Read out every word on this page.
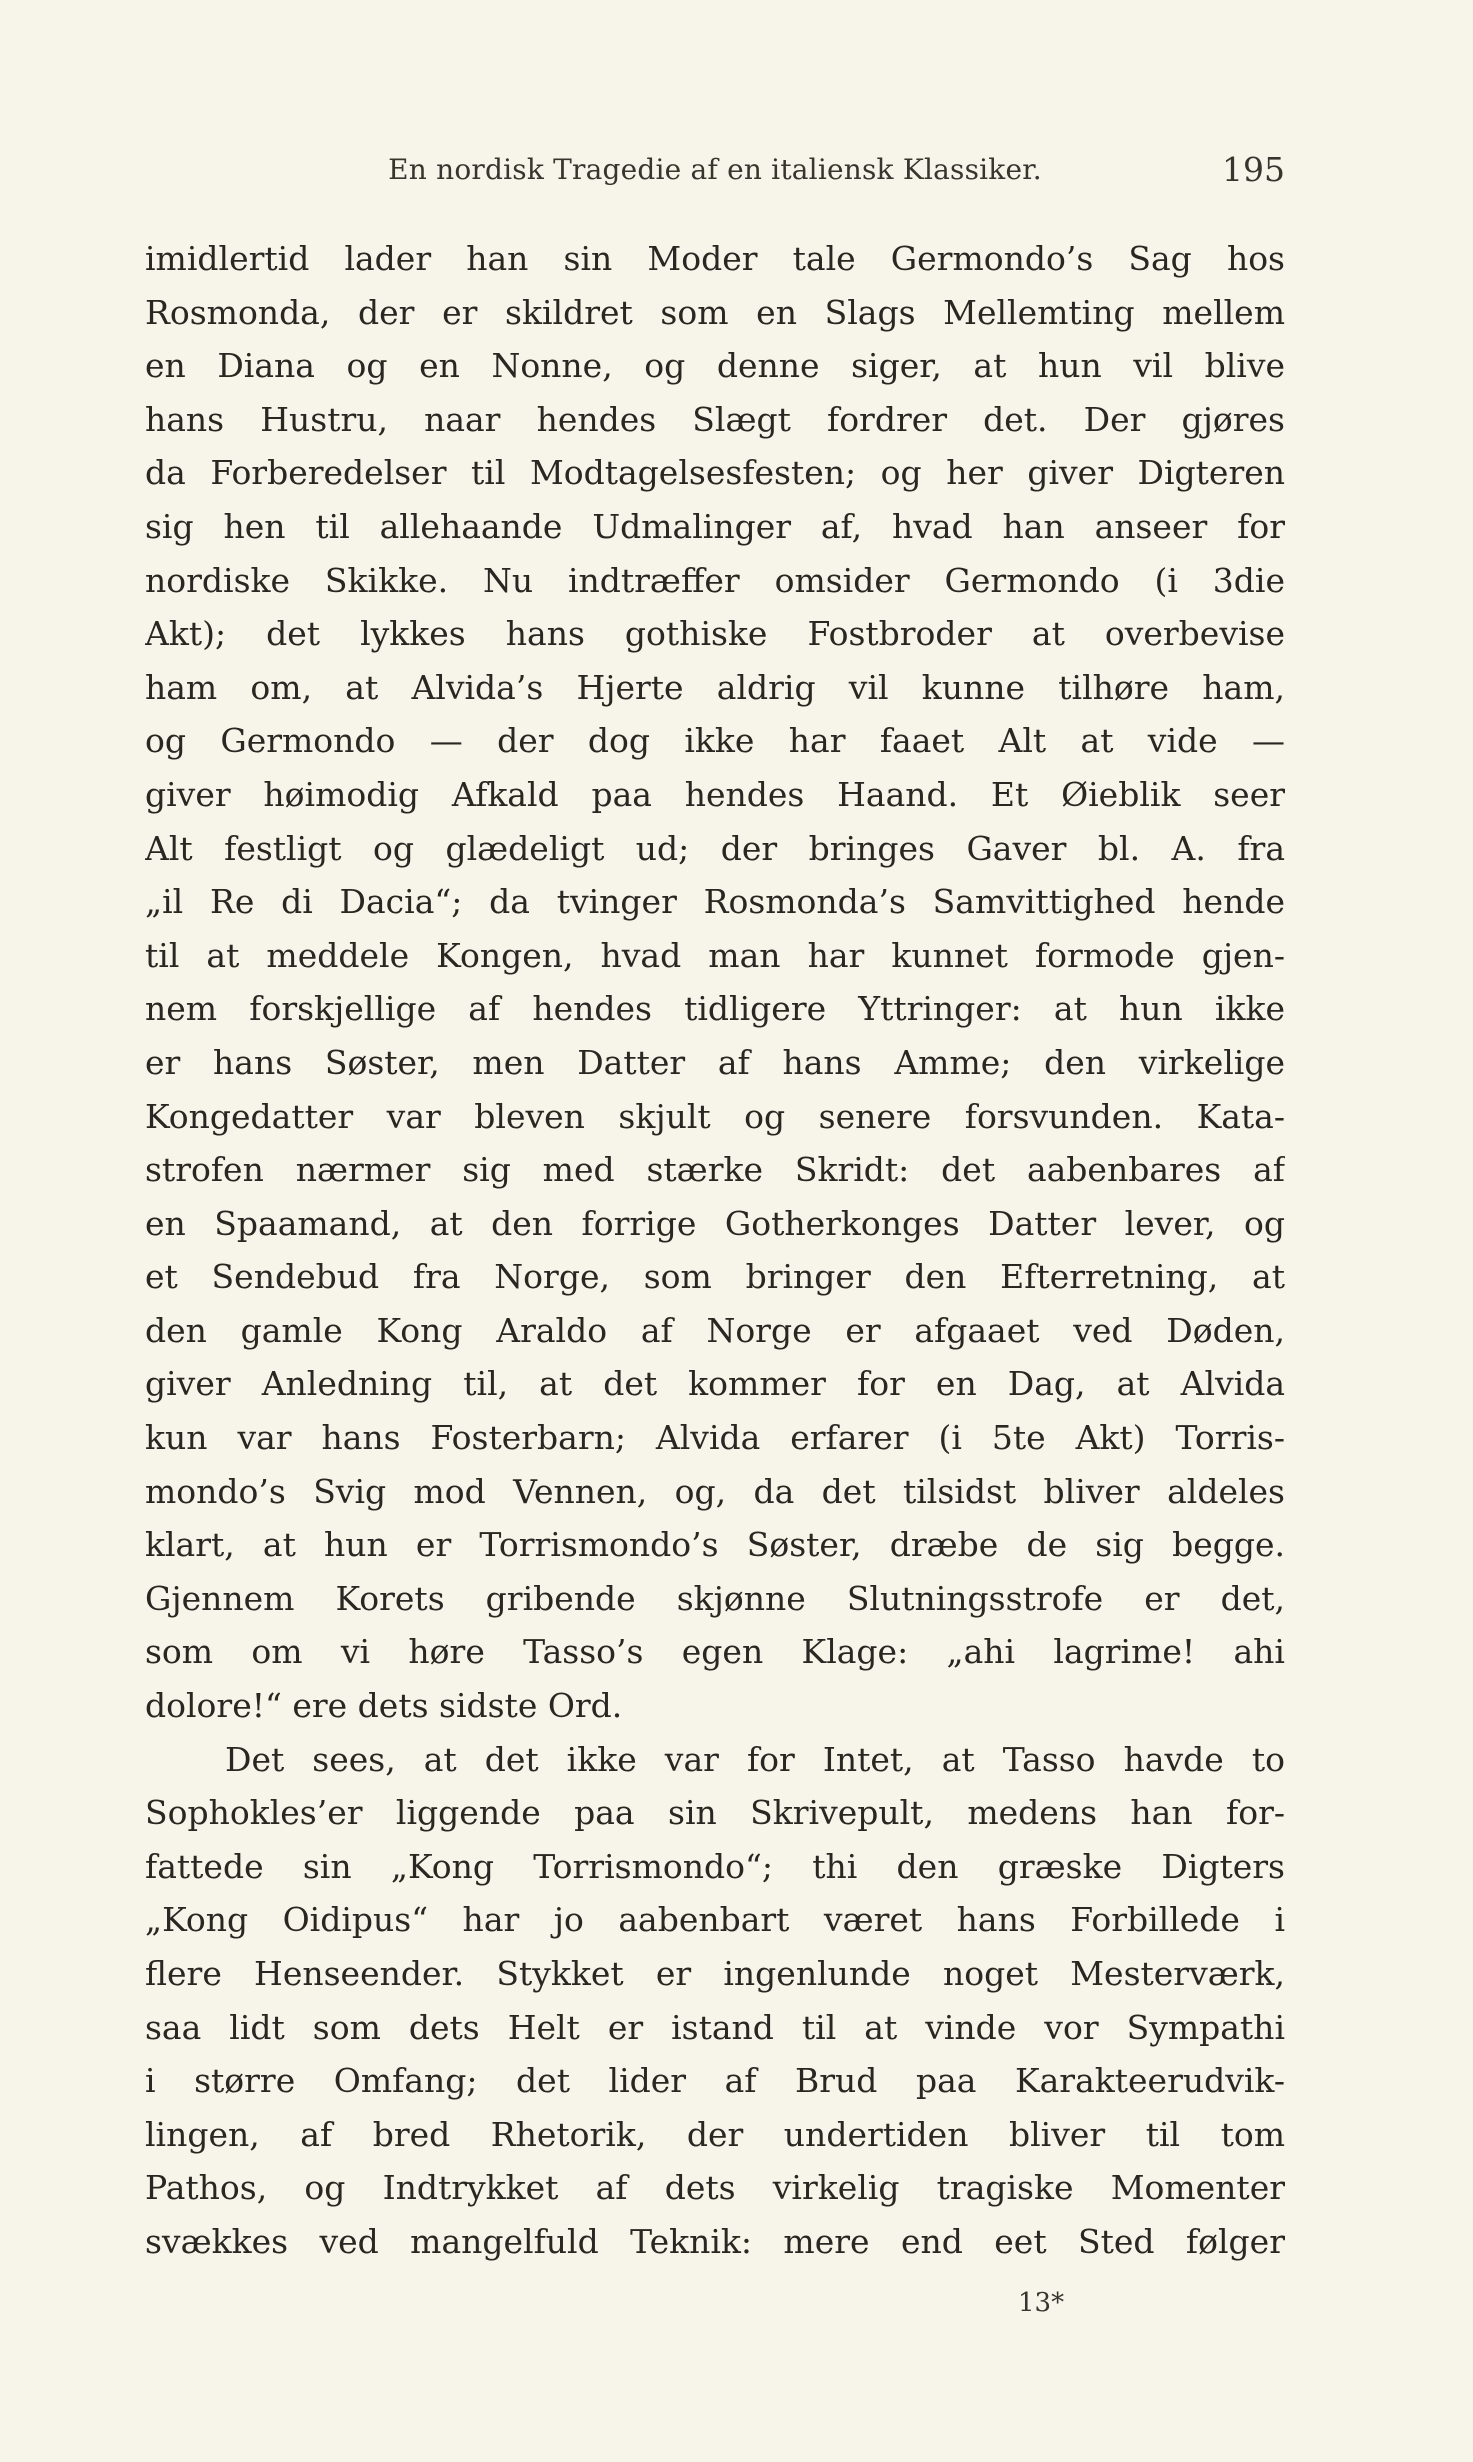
En nordisk Tragedie af en italiensk Klassiker.	195
imidlertid lader han sin Moder tale Germondo’s Sag hos
Rosmonda, der er skildret som en Slags Mellemting mellem
en Diana og en Nonne, og denne siger, at hun vil blive
hans Hustru, naar hendes Slægt fordrer det. Der gjøres
da Forberedelser til Modtagelsesfesten; og her giver Digteren
sig hen til allehaande Udmalinger af, hvad han anseer for
nordiske Skikke. Nu indtræffer omsider Germondo (i 3die
Akt); det lykkes hans gothiske Fostbroder at overbevise
ham om, at Alvida’s Hjerte aldrig vil kunne tilhøre ham,
og Germondo — der dog ikke har faaet Alt at vide —
giver høimodig Afkald paa hendes Haand. Et Øieblik seer
Alt festligt og glædeligt ud; der bringes Gaver bl. A. fra
„il Re di Dacia“; da tvinger Rosmonda’s Samvittighed hende
til at meddele Kongen, hvad man har kunnet formode gjen-
nem forskjellige af hendes tidligere Yttringer: at hun ikke
er hans Søster, men Datter af hans Amme; den virkelige
Kongedatter var bleven skjult og senere forsvunden. Kata-
strofen nærmer sig med stærke Skridt: det aabenbares af
en Spaamand, at den forrige Gotherkonges Datter lever, og
et Sendebud fra Norge, som bringer den Efterretning, at
den gamle Kong Araldo af Norge er afgaaet ved Døden,
giver Anledning til, at det kommer for en Dag, at Alvida
kun var hans Fosterbarn; Alvida erfarer (i 5te Akt) Torris-
mondo’s Svig mod Vennen, og, da det tilsidst bliver aldeles
klart, at hun er Torrismondo’s Søster, dræbe de sig begge.
Gjennem Korets gribende skjønne Slutningsstrofe er det,
som om vi høre Tasso’s egen Klage: „ahi lagrime! ahi
dolore!“ ere dets sidste Ord.
Det sees, at det ikke var for Intet, at Tasso havde to
Sophokles’er liggende paa sin Skrivepult, medens han for-
fattede sin „Kong Torrismondo“; thi den græske Digters
„Kong Oidipus“ har jo aabenbart været hans Forbillede i
flere Henseender. Stykket er ingenlunde noget Mesterværk,
saa lidt som dets Helt er istand til at vinde vor Sympathi
i større Omfang; det lider af Brud paa Karakteerudvik-
lingen, af bred Rhetorik, der undertiden bliver til tom
Pathos, og Indtrykket af dets virkelig tragiske Momenter
svækkes ved mangelfuld Teknik: mere end eet Sted følger
13*
